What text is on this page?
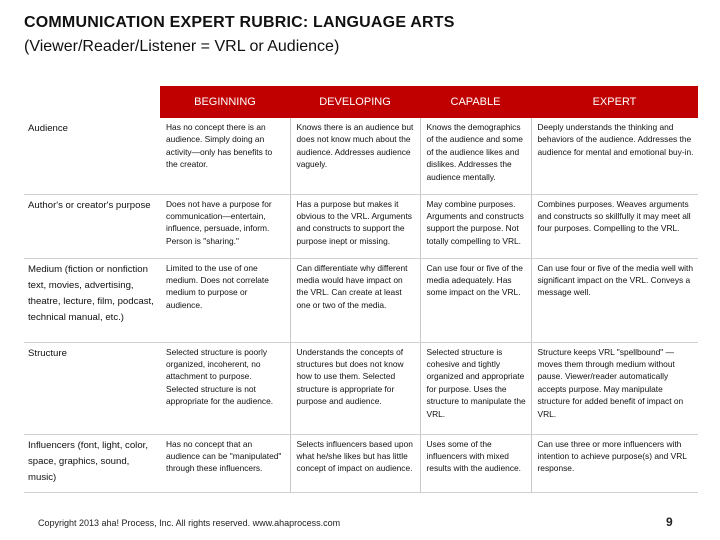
COMMUNICATION EXPERT RUBRIC: LANGUAGE ARTS
(Viewer/Reader/Listener = VRL or Audience)
	BEGINNING	DEVELOPING	CAPABLE	EXPERT
Audience	Has no concept there is an audience. Simply doing an activity—only has benefits to the creator.	Knows there is an audience but does not know much about the audience. Addresses audience vaguely.	Knows the demographics of the audience and some of the audience likes and dislikes. Addresses the audience mentally.	Deeply understands the thinking and behaviors of the audience. Addresses the audience for mental and emotional buy-in.
Author's or creator's purpose	Does not have a purpose for communication—entertain, influence, persuade, inform. Person is "sharing."	Has a purpose but makes it obvious to the VRL. Arguments and constructs to support the purpose inept or missing.	May combine purposes. Arguments and constructs support the purpose. Not totally compelling to VRL.	Combines purposes. Weaves arguments and constructs so skillfully it may meet all four purposes. Compelling to the VRL.
Medium (fiction or nonfiction text, movies, advertising, theatre, lecture, film, podcast, technical manual, etc.)	Limited to the use of one medium. Does not correlate medium to purpose or audience.	Can differentiate why different media would have impact on the VRL. Can create at least one or two of the media.	Can use four or five of the media adequately. Has some impact on the VRL.	Can use four or five of the media well with significant impact on the VRL. Conveys a message well.
Structure	Selected structure is poorly organized, incoherent, no attachment to purpose. Selected structure is not appropriate for the audience.	Understands the concepts of structures but does not know how to use them. Selected structure is appropriate for purpose and audience.	Selected structure is cohesive and tightly organized and appropriate for purpose. Uses the structure to manipulate the VRL.	Structure keeps VRL "spellbound" —moves them through medium without pause. Viewer/reader automatically accepts purpose. May manipulate structure for added benefit of impact on VRL.
Influencers (font, light, color, space, graphics, sound, music)	Has no concept that an audience can be "manipulated" through these influencers.	Selects influencers based upon what he/she likes but has little concept of impact on audience.	Uses some of the influencers with mixed results with the audience.	Can use three or more influencers with intention to achieve purpose(s) and VRL response.
Copyright 2013 aha! Process, Inc. All rights reserved. www.ahaprocess.com	9
